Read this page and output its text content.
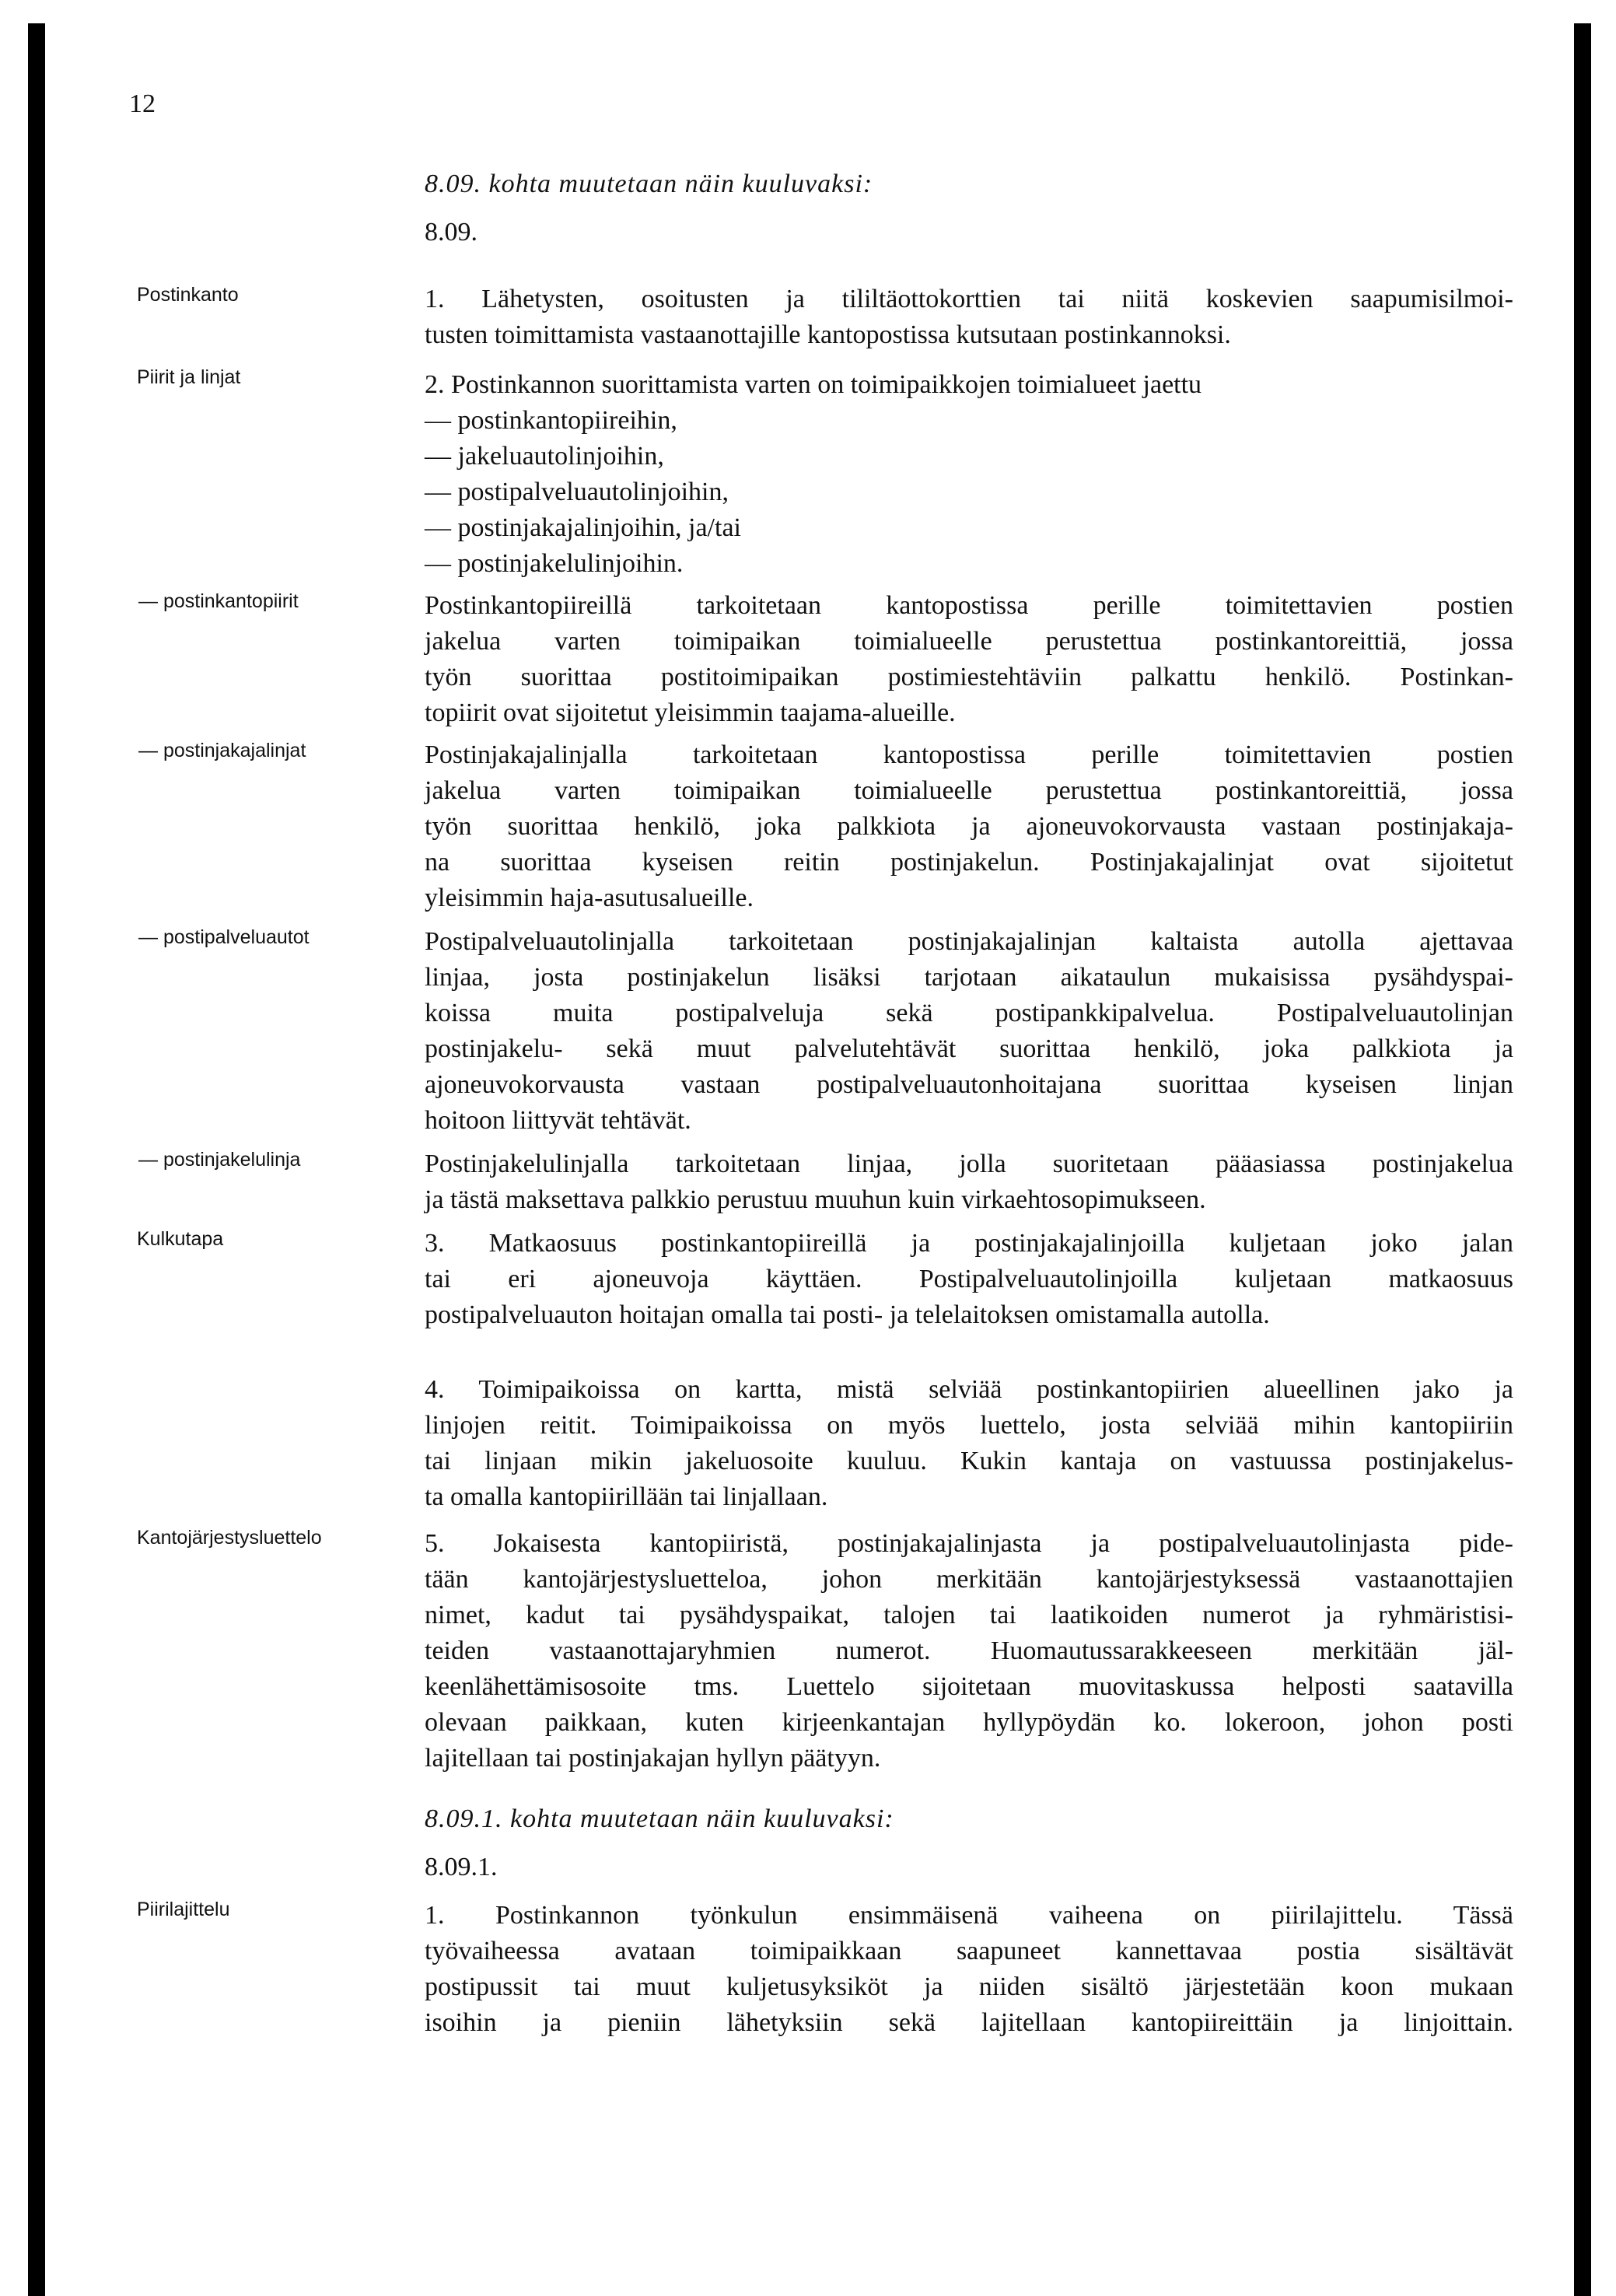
12
Postinkanto
Piirit ja linjat
— postinkantopiirit
— postinjakajalinjat
— postipalveluautot
— postinjakelulinja
Kulkutapa
Kantojärjestysluettelo
Piirilajittelu
8.09. kohta muutetaan näin kuuluvaksi:
8.09.
1. Lähetysten, osoitusten ja tililtäottokorttien tai niitä koskevien saapumisilmoi-
tusten toimittamista vastaanottajille kantopostissa kutsutaan postinkannoksi.
2. Postinkannon suorittamista varten on toimipaikkojen toimialueet jaettu
— postinkantopiireihin,
— jakeluautolinjoihin,
— postipalveluautolinjoihin,
— postinjakajalinjoihin, ja/tai
— postinjakelulinjoihin.
Postinkantopiireillä tarkoitetaan kantopostissa perille toimitettavien postien
jakelua varten toimipaikan toimialueelle perustettua postinkantoreittiä, jossa
työn suorittaa postitoimipaikan postimiestehtäviin palkattu henkilö. Postinkan-
topiirit ovat sijoitetut yleisimmin taajama-alueille.
Postinjakajalinjalla tarkoitetaan kantopostissa perille toimitettavien postien
jakelua varten toimipaikan toimialueelle perustettua postinkantoreittiä, jossa
työn suorittaa henkilö, joka palkkiota ja ajoneuvokorvausta vastaan postinjakaja-
na suorittaa kyseisen reitin postinjakelun. Postinjakajalinjat ovat sijoitetut
yleisimmin haja-asutusalueille.
Postipalveluautolinjalla tarkoitetaan postinjakajalinjan kaltaista autolla ajettavaa
linjaa, josta postinjakelun lisäksi tarjotaan aikataulun mukaisissa pysähdyspai-
koissa muita postipalveluja sekä postipankkipalvelua. Postipalveluautolinjan
postinjakelu- sekä muut palvelutehtävät suorittaa henkilö, joka palkkiota ja
ajoneuvokorvausta vastaan postipalveluautonhoitajana suorittaa kyseisen linjan
hoitoon liittyvät tehtävät.
Postinjakelulinjalla tarkoitetaan linjaa, jolla suoritetaan pääasiassa postinjakelua
ja tästä maksettava palkkio perustuu muuhun kuin virkaehtosopimukseen.
3. Matkaosuus postinkantopiireillä ja postinjakajalinjoilla kuljetaan joko jalan
tai eri ajoneuvoja käyttäen. Postipalveluautolinjoilla kuljetaan matkaosuus
postipalveluauton hoitajan omalla tai posti- ja telelaitoksen omistamalla autolla.
4. Toimipaikoissa on kartta, mistä selviää postinkantopiirien alueellinen jako ja
linjojen reitit. Toimipaikoissa on myös luettelo, josta selviää mihin kantopiiriin
tai linjaan mikin jakeluosoite kuuluu. Kukin kantaja on vastuussa postinjakelus-
ta omalla kantopiirillään tai linjallaan.
5. Jokaisesta kantopiiristä, postinjakajalinjasta ja postipalveluautolinjasta pide-
tään kantojärjestysluetteloa, johon merkitään kantojärjestyksessä vastaanottajien
nimet, kadut tai pysähdyspaikat, talojen tai laatikoiden numerot ja ryhmäristisi-
teiden vastaanottajaryhmien numerot. Huomautussarakkeeseen merkitään jäl-
keenlähettämisosoite tms. Luettelo sijoitetaan muovitaskussa helposti saatavilla
olevaan paikkaan, kuten kirjeenkantajan hyllypöydän ko. lokeroon, johon posti
lajitellaan tai postinjakajan hyllyn päätyyn.
8.09.1. kohta muutetaan näin kuuluvaksi:
8.09.1.
1. Postinkannon työnkulun ensimmäisenä vaiheena on piirilajittelu. Tässä
työvaiheessa avataan toimipaikkaan saapuneet kannettavaa postia sisältävät
postipussit tai muut kuljetusyksiköt ja niiden sisältö järjestetään koon mukaan
isoihin ja pieniin lähetyksiin sekä lajitellaan kantopiireittäin ja linjoittain.
